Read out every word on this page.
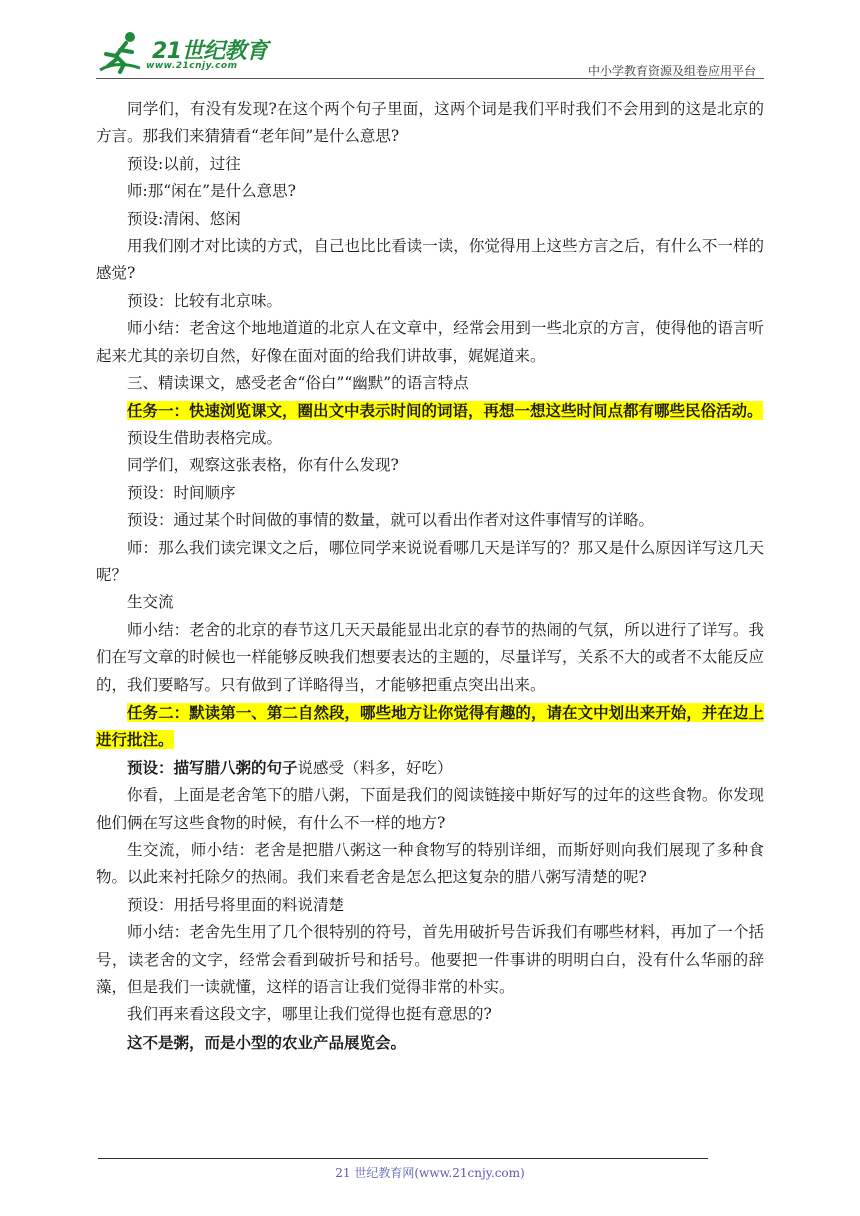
21世纪教育
www.21cnjy.com	中小学教育资源及组卷应用平台

同学们，有没有发现?在这个两个句子里面，这两个词是我们平时我们不会用到的这是北京的方言。那我们来猜猜看“老年间”是什么意思?

预设:以前，过往

师:那“闲在”是什么意思?

预设:清闲、悠闲

用我们刚才对比读的方式，自己也比比看读一读，你觉得用上这些方言之后，有什么不一样的感觉?

预设：比较有北京味。

师小结：老舍这个地地道道的北京人在文章中，经常会用到一些北京的方言，使得他的语言听起来尤其的亲切自然，好像在面对面的给我们讲故事，娓娓道来。

三、精读课文，感受老舍“俗白”“幽默”的语言特点

任务一：快速浏览课文，圈出文中表示时间的词语，再想一想这些时间点都有哪些民俗活动。

预设生借助表格完成。

同学们，观察这张表格，你有什么发现?

预设：时间顺序

预设：通过某个时间做的事情的数量，就可以看出作者对这件事情写的详略。

师：那么我们读完课文之后，哪位同学来说说看哪几天是详写的？那又是什么原因详写这几天呢？

生交流

师小结：老舍的北京的春节这几天天最能显出北京的春节的热闹的气氛，所以进行了详写。我们在写文章的时候也一样能够反映我们想要表达的主题的，尽量详写，关系不大的或者不太能反应的，我们要略写。只有做到了详略得当，才能够把重点突出出来。

任务二：默读第一、第二自然段，哪些地方让你觉得有趣的，请在文中划出来开始，并在边上进行批注。

预设：描写腊八粥的句子说感受（料多，好吃）

你看，上面是老舍笔下的腊八粥，下面是我们的阅读链接中斯好写的过年的这些食物。你发现他们俩在写这些食物的时候，有什么不一样的地方?

生交流，师小结：老舍是把腊八粥这一种食物写的特别详细，而斯妤则向我们展现了多种食物。以此来衬托除夕的热闹。我们来看老舍是怎么把这复杂的腊八粥写清楚的呢?

预设：用括号将里面的料说清楚

师小结：老舍先生用了几个很特别的符号，首先用破折号告诉我们有哪些材料，再加了一个括号，读老舍的文字，经常会看到破折号和括号。他要把一件事讲的明明白白，没有什么华丽的辞藻，但是我们一读就懂，这样的语言让我们觉得非常的朴实。

我们再来看这段文字，哪里让我们觉得也挺有意思的?

这不是粥，而是小型的农业产品展览会。

21 世纪教育网(www.21cnjy.com)
